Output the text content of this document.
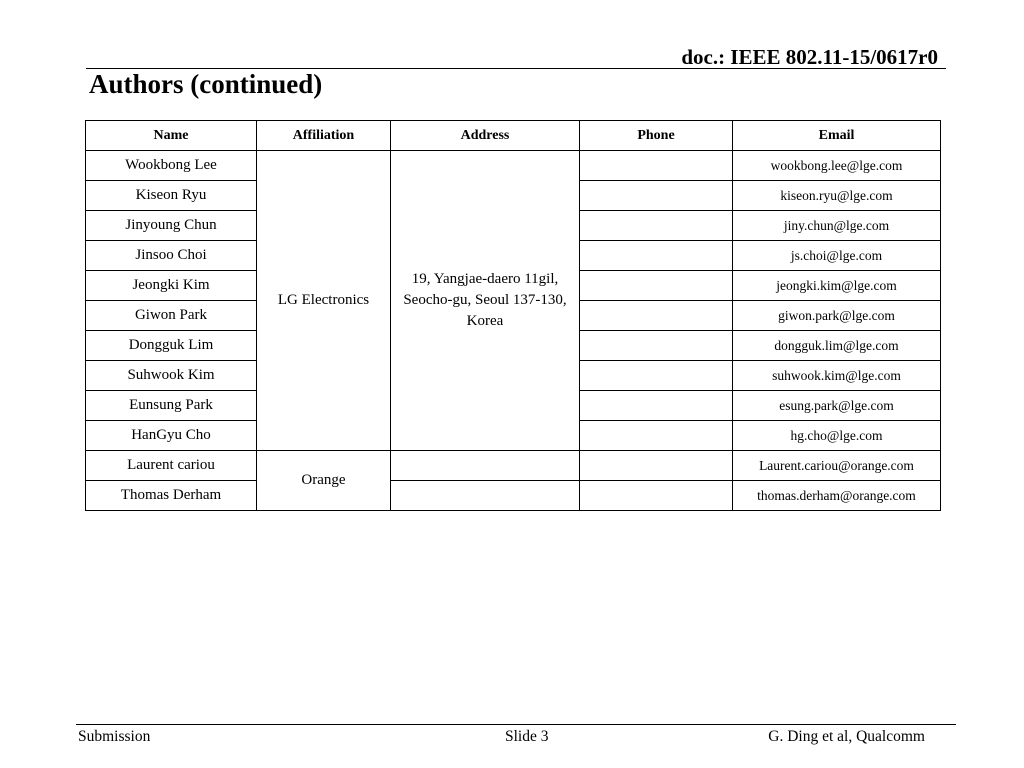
doc.: IEEE 802.11-15/0617r0
Authors (continued)
Name	Affiliation	Address	Phone	Email
Wookbong Lee	LG Electronics	19, Yangjae-daero 11gil, Seocho-gu, Seoul 137-130, Korea		wookbong.lee@lge.com
Kiseon Ryu				kiseon.ryu@lge.com
Jinyoung Chun				jiny.chun@lge.com
Jinsoo Choi				js.choi@lge.com
Jeongki Kim				jeongki.kim@lge.com
Giwon Park				giwon.park@lge.com
Dongguk Lim				dongguk.lim@lge.com
Suhwook Kim				suhwook.kim@lge.com
Eunsung Park				esung.park@lge.com
HanGyu Cho				hg.cho@lge.com
Laurent cariou	Orange			Laurent.cariou@orange.com
Thomas Derham				thomas.derham@orange.com
Submission	Slide 3	G. Ding et al, Qualcomm
